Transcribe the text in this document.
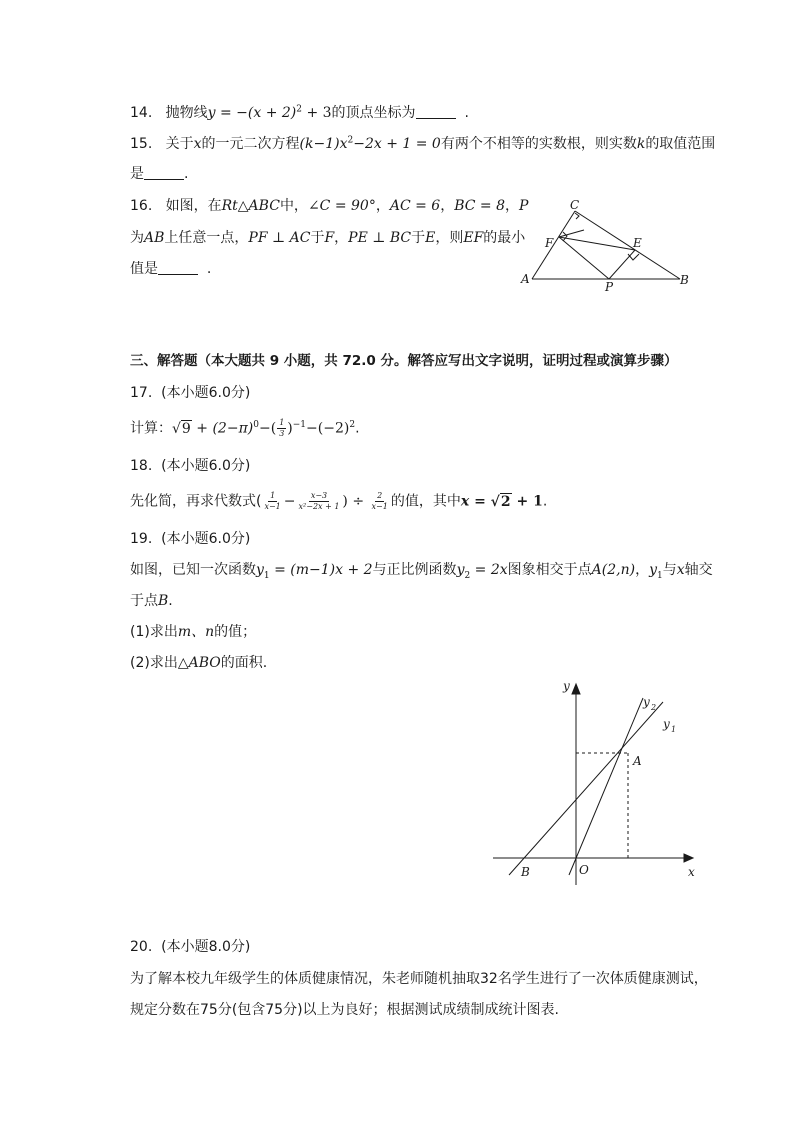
14. 抛物线$y = -(x + 2)^2 + 3$的顶点坐标为	.
15. 关于x的一元二次方程$(k-1)x^2-2x + 1 = 0$有两个不相等的实数根，则实数k的取值范围
是	.
16. 如图，在Rt△ABC中，∠C = 90°，AC = 6，BC = 8，P
为AB上任意一点，PF ⊥ AC于F，PE ⊥ BC于E，则EF的最小
值是	.
C
F	E
A
P	B
三、解答题（本大题共 9 小题，共 72.0 分。解答应写出文字说明，证明过程或演算步骤）
17. (本小题6.0分)
计算：$√9 + (2-\pi)^0-( \frac{1}{3} )^{-1}-(-2)^2$.
18. (本小题6.0分)
先化简，再求代数式( $\frac{1}{x-1} - \frac{x-3}{\text{x²−2x + 1}}$ ) ÷ $\frac{2}{x-1}$ 的值，其中x = √2 + 1.
19. (本小题6.0分)
如图，已知一次函数$y_1 = (m-1)x + 2$与正比例函数$y_2 = 2x$图象相交于点A(2,n)，$y_1$与x轴交
于点B.
(1)求出m、n的值；
(2)求出△ABO的面积.
y
x
y 2
y 1
A
B	O
20. (本小题8.0分)
为了解本校九年级学生的体质健康情况，朱老师随机抽取32名学生进行了一次体质健康测试，
规定分数在75分(包含75分)以上为良好；根据测试成绩制成统计图表.
